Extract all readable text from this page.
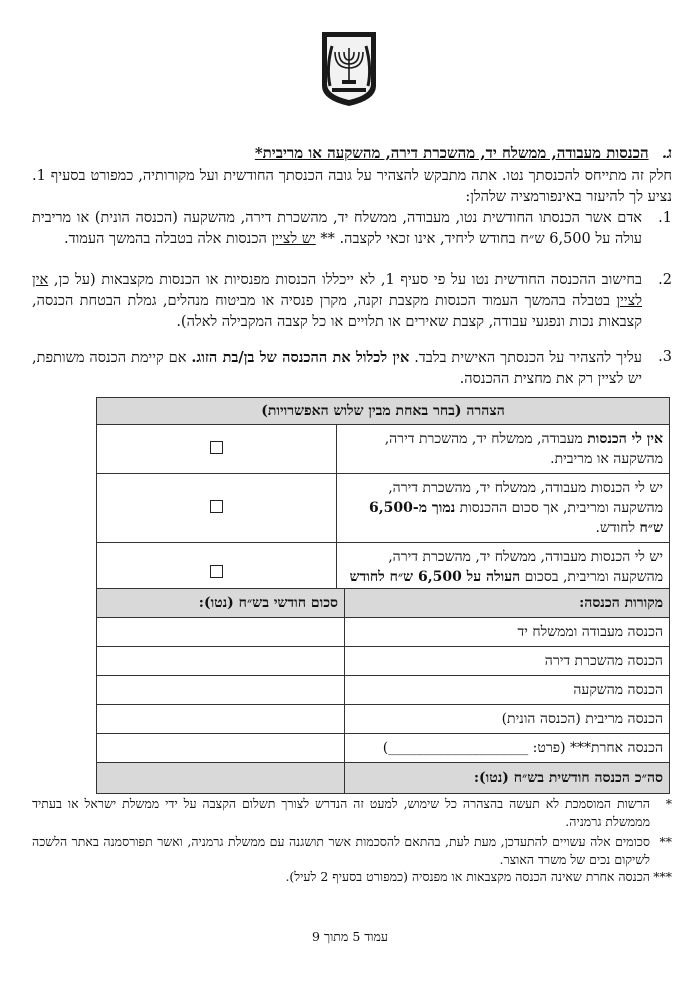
ג. הכנסות מעבודה, ממשלח יד, מהשכרת דירה, מהשקעה או מריבית*
חלק זה מתייחס להכנסתך נטו. אתה מתבקש להצהיר על גובה הכנסתך החודשית ועל מקורותיה, כמפורט בסעיף 1. נציע לך להיעזר באינפורמציה שלהלן:
1.
אדם אשר הכנסתו החודשית נטו, מעבודה, ממשלח יד, מהשכרת דירה, מהשקעה (הכנסה הונית) או מריבית עולה על 6,500 ש״ח בחודש ליחיד, אינו זכאי לקצבה. ** יש לציין הכנסות אלה בטבלה בהמשך העמוד.
2.
בחישוב ההכנסה החודשית נטו על פי סעיף 1, לא ייכללו הכנסות מפנסיות או הכנסות מקצבאות (על כן, אין לציין בטבלה בהמשך העמוד הכנסות מקצבת זקנה, מקרן פנסיה או מביטוח מנהלים, גמלת הבטחת הכנסה, קצבאות נכות ונפגעי עבודה, קצבת שאירים או תלויים או כל קצבה המקבילה לאלה).
3.
עליך להצהיר על הכנסתך האישית בלבד. אין לכלול את ההכנסה של בן/בת הזוג. אם קיימת הכנסה משותפת, יש לציין רק את מחצית ההכנסה.
הצהרה (בחר באחת מבין שלוש האפשרויות)	
אין לי הכנסות מעבודה, ממשלח יד, מהשכרת דירה, מהשקעה או מריבית.	
יש לי הכנסות מעבודה, ממשלח יד, מהשכרת דירה, מהשקעה ומריבית, אך סכום ההכנסות נמוך מ-6,500 ש״ח לחודש.	
יש לי הכנסות מעבודה, ממשלח יד, מהשכרת דירה, מהשקעה ומריבית, בסכום העולה על 6,500 ש״ח לחודש	
מקורות הכנסה:	סכום חודשי בש״ח (נטו):
הכנסה מעבודה וממשלח יד	
הכנסה מהשכרת דירה	
הכנסה מהשקעה	
הכנסה מריבית (הכנסה הונית)	
הכנסה אחרת*** (פרט: ____________________)	
סה״כ הכנסה חודשית בש״ח (נטו):	
*
הרשות המוסמכת לא תעשה בהצהרה כל שימוש, למעט זה הנדרש לצורך תשלום הקצבה על ידי ממשלת ישראל או בעתיד מממשלת גרמניה.
**
סכומים אלה עשויים להתעדכן, מעת לעת, בהתאם להסכמות אשר תושגנה עם ממשלת גרמניה, ואשר תפורסמנה באתר הלשכה לשיקום נכים של משרד האוצר.
***
הכנסה אחרת שאינה הכנסה מקצבאות או מפנסיה (כמפורט בסעיף 2 לעיל).
עמוד 5 מתוך 9
